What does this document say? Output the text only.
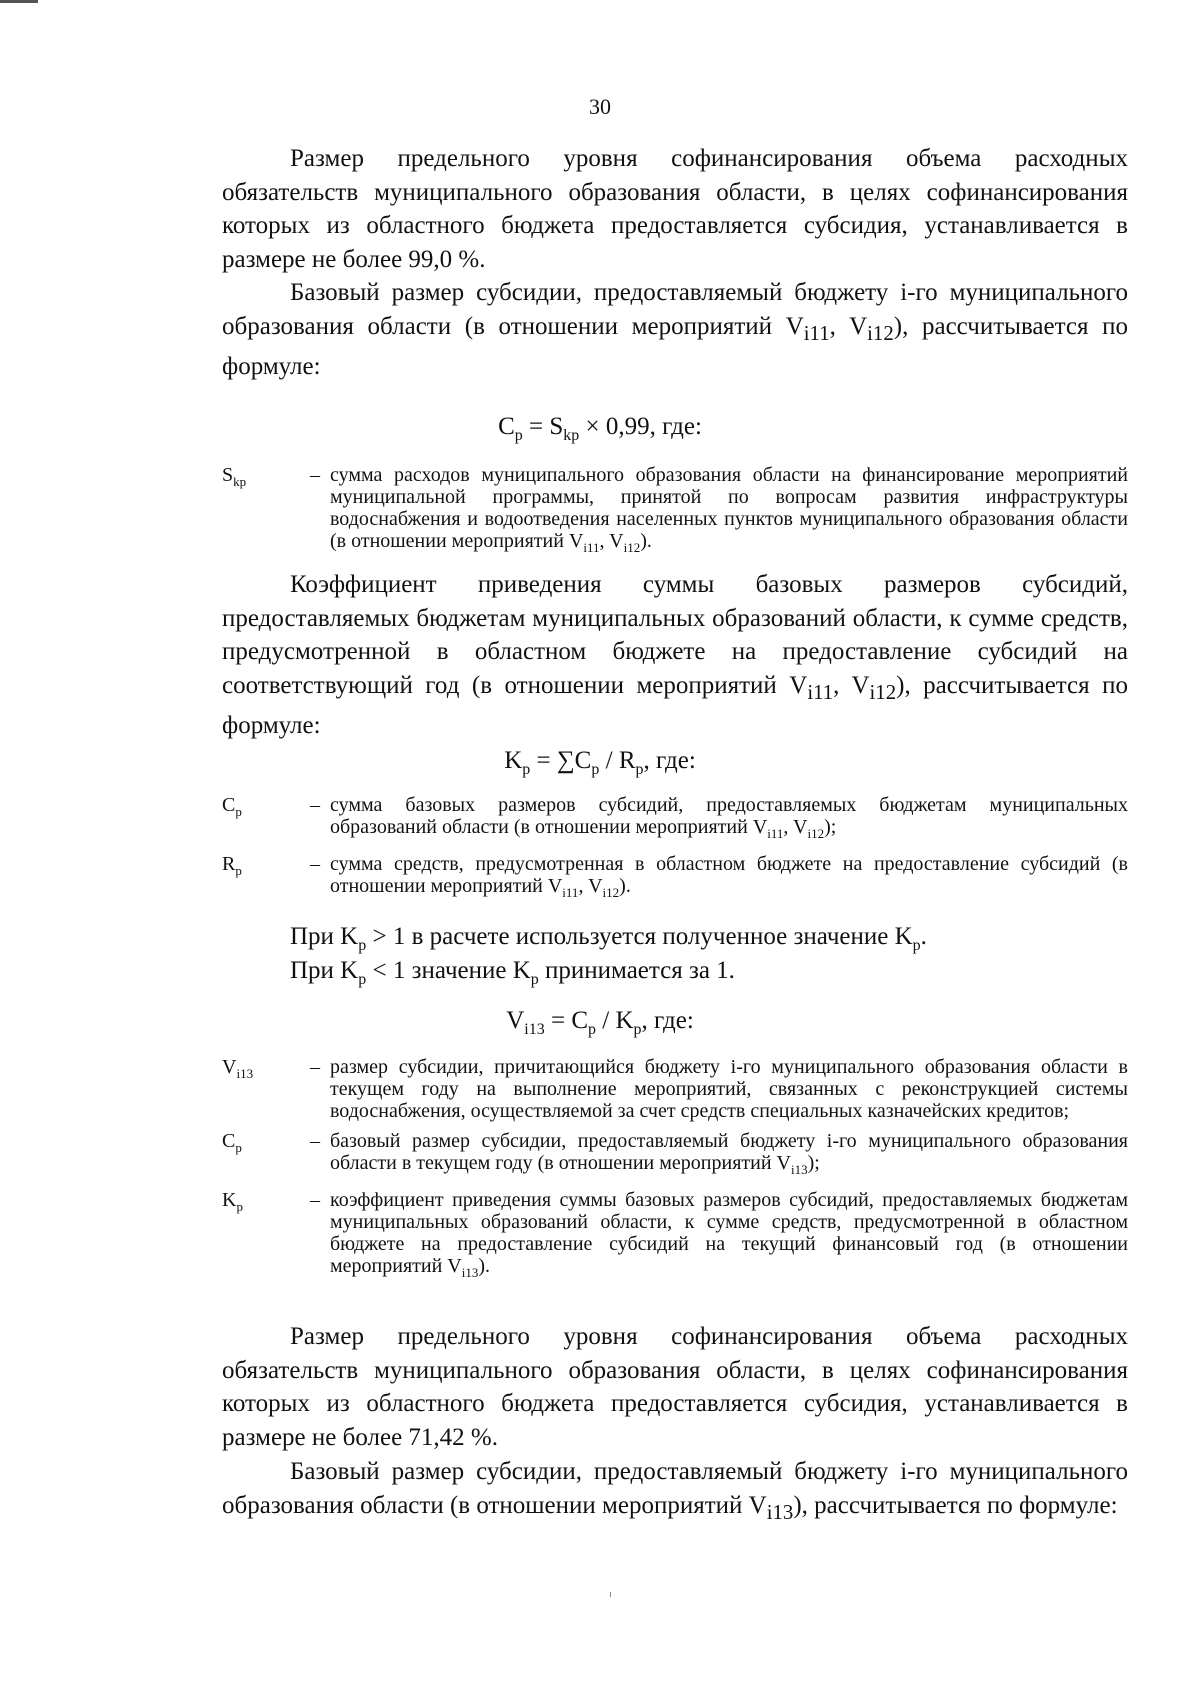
30

Размер предельного уровня софинансирования объема расходных обязательств муниципального образования области, в целях софинансирования которых из областного бюджета предоставляется субсидия, устанавливается в размере не более 99,0 %.

Базовый размер субсидии, предоставляемый бюджету i-го муниципального образования области (в отношении мероприятий $V_{i11}$, $V_{i12}$), рассчитывается по формуле:

$C_p = S_{kp} \times 0,99$, где:
$S_{kp}$	– сумма расходов муниципального образования области на финансирование мероприятий муниципальной программы, принятой по вопросам развития инфраструктуры водоснабжения и водоотведения населенных пунктов муниципального образования области (в отношении мероприятий $V_{i11}$, $V_{i12}$).

Коэффициент приведения суммы базовых размеров субсидий, предоставляемых бюджетам муниципальных образований области, к сумме средств, предусмотренной в областном бюджете на предоставление субсидий на соответствующий год (в отношении мероприятий $V_{i11}$, $V_{i12}$), рассчитывается по формуле:

$K_p = \sum C_p / R_p$, где:
$C_p$	– сумма базовых размеров субсидий, предоставляемых бюджетам муниципальных образований области (в отношении мероприятий $V_{i11}$, $V_{i12}$);
$R_p$	– сумма средств, предусмотренная в областном бюджете на предоставление субсидий (в отношении мероприятий $V_{i11}$, $V_{i12}$).
При $K_p > 1$ в расчете используется полученное значение $K_p$.
При $K_p < 1$ значение $K_p$ принимается за 1.
$V_{i13} = C_p / K_p$, где:
$V_{i13}$	– размер субсидии, причитающийся бюджету i-го муниципального образования области в текущем году на выполнение мероприятий, связанных с реконструкцией системы водоснабжения, осуществляемой за счет средств специальных казначейских кредитов;
$C_p$	– базовый размер субсидии, предоставляемый бюджету i-го муниципального образования области в текущем году (в отношении мероприятий $V_{i13}$);
$K_p$	– коэффициент приведения суммы базовых размеров субсидий, предоставляемых бюджетам муниципальных образований области, к сумме средств, предусмотренной в областном бюджете на предоставление субсидий на текущий финансовый год (в отношении мероприятий $V_{i13}$).

Размер предельного уровня софинансирования объема расходных обязательств муниципального образования области, в целях софинансирования которых из областного бюджета предоставляется субсидия, устанавливается в размере не более 71,42 %.

Базовый размер субсидии, предоставляемый бюджету i-го муниципального образования области (в отношении мероприятий $V_{i13}$), рассчитывается по формуле:
